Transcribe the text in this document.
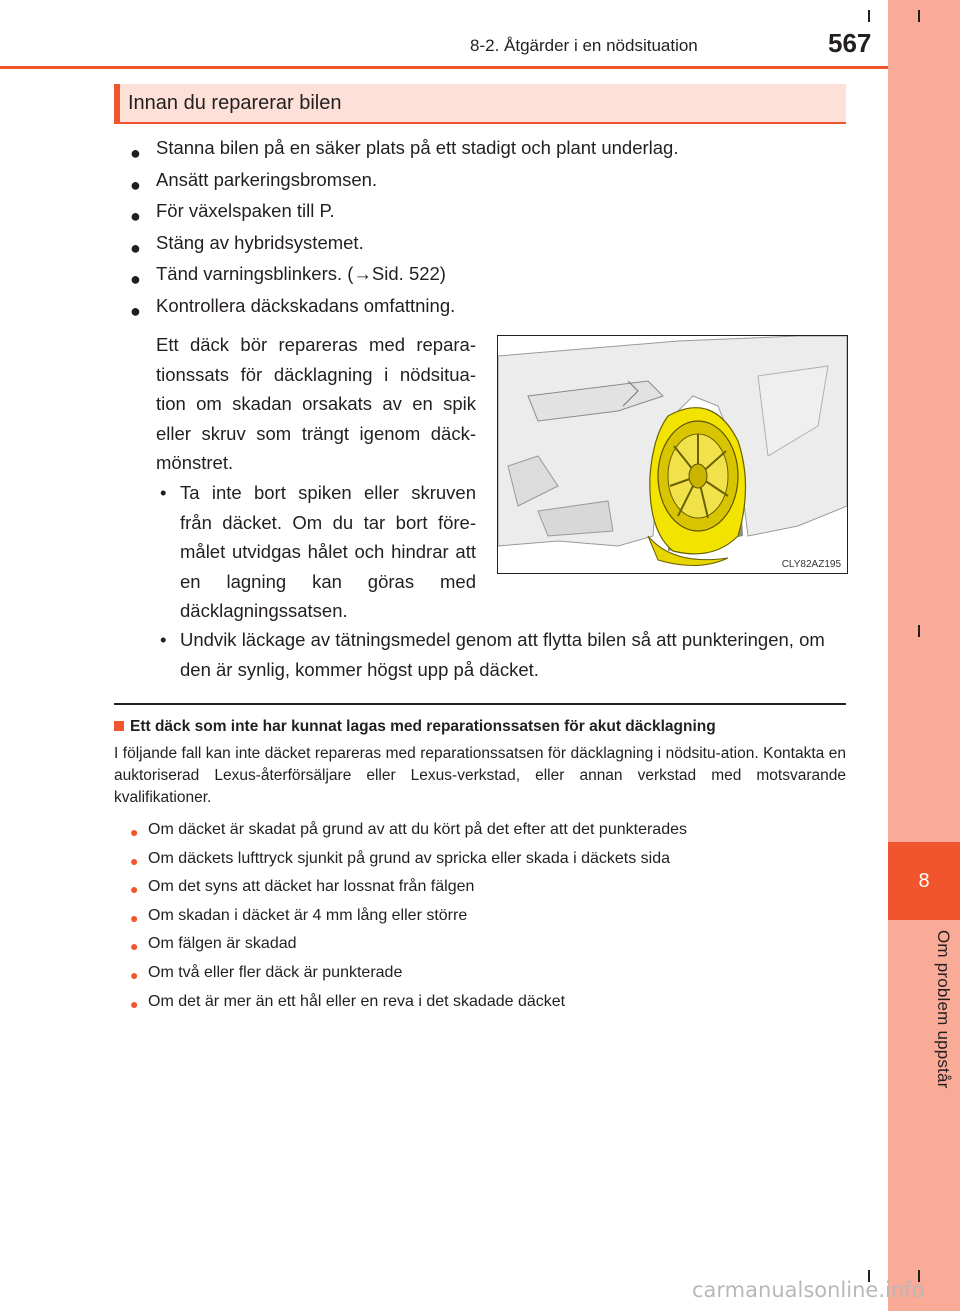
8
Om problem uppstår
8-2. Åtgärder i en nödsituation	567
Innan du reparerar bilen
● Stanna bilen på en säker plats på ett stadigt och plant underlag.
● Ansätt parkeringsbromsen.
● För växelspaken till P.
● Stäng av hybridsystemet.
● Tänd varningsblinkers. (→Sid. 522)
● Kontrollera däckskadans omfattning.
Ett däck bör repareras med repara-tionssats för däcklagning i nödsitua-tion om skadan orsakats av en spik eller skruv som trängt igenom däck-mönstret.
• Ta inte bort spiken eller skruven från däcket. Om du tar bort före-målet utvidgas hålet och hindrar att en lagning kan göras med däcklagningssatsen.
• Undvik läckage av tätningsmedel genom att flytta bilen så att punkteringen, om den är synlig, kommer högst upp på däcket.
CLY82AZ195
Ett däck som inte har kunnat lagas med reparationssatsen för akut däcklagning
I följande fall kan inte däcket repareras med reparationssatsen för däcklagning i nödsitu-ation. Kontakta en auktoriserad Lexus-återförsäljare eller Lexus-verkstad, eller annan verkstad med motsvarande kvalifikationer.
● Om däcket är skadat på grund av att du kört på det efter att det punkterades
● Om däckets lufttryck sjunkit på grund av spricka eller skada i däckets sida
● Om det syns att däcket har lossnat från fälgen
● Om skadan i däcket är 4 mm lång eller större
● Om fälgen är skadad
● Om två eller fler däck är punkterade
● Om det är mer än ett hål eller en reva i det skadade däcket
carmanualsonline.info
